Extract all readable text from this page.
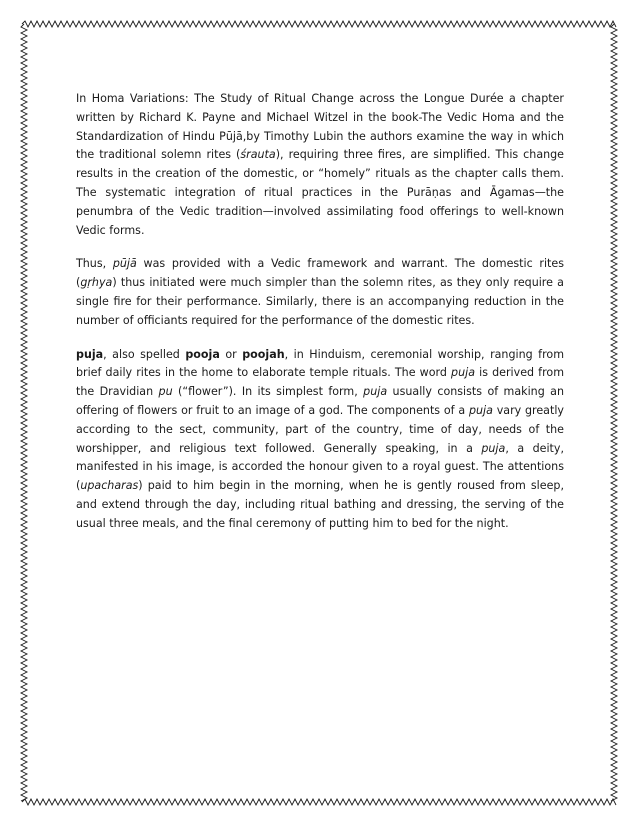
In Homa Variations: The Study of Ritual Change across the Longue Durée a chapter written by Richard K. Payne and Michael Witzel in the book-The Vedic Homa and the Standardization of Hindu Pūjā,by Timothy Lubin the authors examine the way in which the traditional solemn rites (śrauta), requiring three fires, are simplified. This change results in the creation of the domestic, or “homely” rituals as the chapter calls them. The systematic integration of ritual practices in the Purāṇas and Āgamas—the penumbra of the Vedic tradition—involved assimilating food offerings to well-known Vedic forms.

Thus, pūjā was provided with a Vedic framework and warrant. The domestic rites (gṛhya) thus initiated were much simpler than the solemn rites, as they only require a single fire for their performance. Similarly, there is an accompanying reduction in the number of officiants required for the performance of the domestic rites.

puja, also spelled pooja or poojah, in Hinduism, ceremonial worship, ranging from brief daily rites in the home to elaborate temple rituals. The word puja is derived from the Dravidian pu (“flower”). In its simplest form, puja usually consists of making an offering of flowers or fruit to an image of a god. The components of a puja vary greatly according to the sect, community, part of the country, time of day, needs of the worshipper, and religious text followed. Generally speaking, in a puja, a deity, manifested in his image, is accorded the honour given to a royal guest. The attentions (upacharas) paid to him begin in the morning, when he is gently roused from sleep, and extend through the day, including ritual bathing and dressing, the serving of the usual three meals, and the final ceremony of putting him to bed for the night.
